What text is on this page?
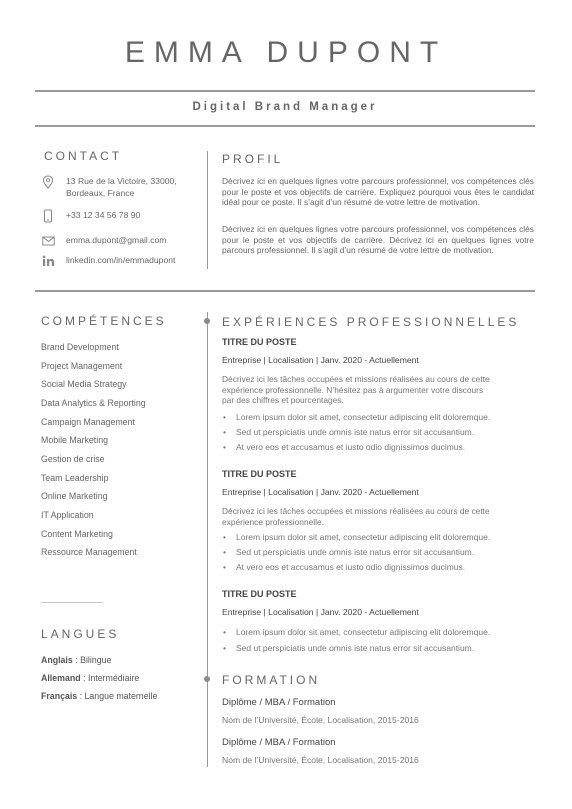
EMMA DUPONT
Digital Brand Manager
CONTACT
13 Rue de la Victoire, 33000,
Bordeaux, France
+33 12 34 56 78 90
emma.dupont@gmail.com
linkedin.com/in/emmadupont
PROFIL
Décrivez ici en quelques lignes votre parcours professionnel, vos compétences clés pour le poste et vos objectifs de carrière. Expliquez pourquoi vous êtes le candidat idéal pour ce poste. Il s’agit d’un résumé de votre lettre de motivation.
Décrivez ici en quelques lignes votre parcours professionnel, vos compétences clés pour le poste et vos objectifs de carrière. Décrivez ici en quelques lignes votre parcours professionnel. Il s’agit d’un résumé de votre lettre de motivation.
COMPÉTENCES
Brand Development
Project Management
Social Media Strategy
Data Analytics & Reporting
Campaign Management
Mobile Marketing
Gestion de crise
Team Leadership
Online Marketing
IT Application
Content Marketing
Ressource Management
LANGUES
Anglais : Bilingue
Allemand : Intermédiaire
Français : Langue maternelle
EXPÉRIENCES PROFESSIONNELLES
TITRE DU POSTE
Entreprise | Localisation | Janv. 2020 - Actuellement
Décrivez ici les tâches occupées et missions réalisées au cours de cette
expérience professionnelle. N’hésitez pas à argumenter votre discours
par des chiffres et pourcentages.
• Lorem ipsum dolor sit amet, consectetur adipiscing elit doloremque.
• Sed ut perspiciatis unde omnis iste natus error sit accusantium.
• At vero eos et accusamus et iusto odio dignissimos ducimus.
TITRE DU POSTE
Entreprise | Localisation | Janv. 2020 - Actuellement
Décrivez ici les tâches occupées et missions réalisées au cours de cette
expérience professionnelle.
• Lorem ipsum dolor sit amet, consectetur adipiscing elit doloremque.
• Sed ut perspiciatis unde omnis iste natus error sit accusantium.
• At vero eos et accusamus et iusto odio dignissimos ducimus.
TITRE DU POSTE
Entreprise | Localisation | Janv. 2020 - Actuellement
• Lorem ipsum dolor sit amet, consectetur adipiscing elit doloremque.
• Sed ut perspiciatis unde omnis iste natus error sit accusantium.
FORMATION
Diplôme / MBA / Formation
Nom de l’Université, École, Localisation, 2015-2016
Diplôme / MBA / Formation
Nom de l’Université, École, Localisation, 2015-2016
